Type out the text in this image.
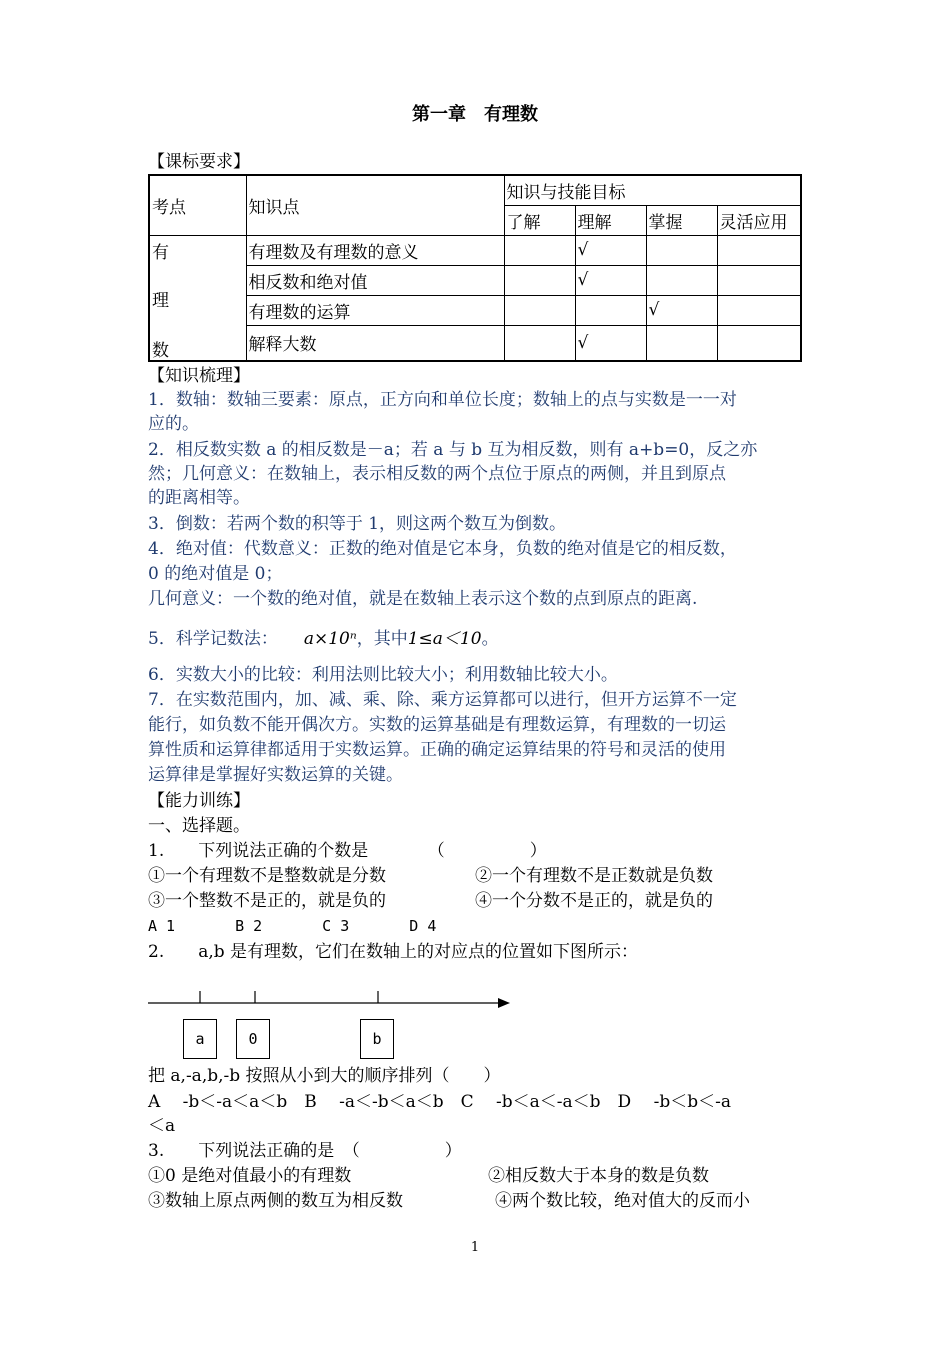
第一章　有理数
【课标要求】
考点	知识点	知识与技能目标			
		了解	理解	掌握	灵活应用

有
理
数	有理数及有理数的意义		√		
	相反数和绝对值		√		
	有理数的运算			√	
	解释大数		√		
【知识梳理】
1．数轴：数轴三要素：原点，正方向和单位长度；数轴上的点与实数是一一对
应的。
2．相反数实数 a 的相反数是－a；若 a 与 b 互为相反数，则有 a+b=0，反之亦
然；几何意义：在数轴上，表示相反数的两个点位于原点的两侧，并且到原点
的距离相等。
3．倒数：若两个数的积等于 1，则这两个数互为倒数。
4．绝对值：代数意义：正数的绝对值是它本身，负数的绝对值是它的相反数，
0 的绝对值是 0；
几何意义：一个数的绝对值，就是在数轴上表示这个数的点到原点的距离.
5．科学记数法： a×10ⁿ，其中1≤a＜10。
6．实数大小的比较：利用法则比较大小；利用数轴比较大小。
7．在实数范围内，加、减、乘、除、乘方运算都可以进行，但开方运算不一定
能行，如负数不能开偶次方。实数的运算基础是有理数运算，有理数的一切运
算性质和运算律都适用于实数运算。正确的确定运算结果的符号和灵活的使用
运算律是掌握好实数运算的关键。
【能力训练】
一、选择题。
1.　　下列说法正确的个数是　　　　（　　　　　）
①一个有理数不是整数就是分数	②一个有理数不是正数就是负数
③一个整数不是正的，就是负的	④一个分数不是正的，就是负的
A 1　　　　B 2　　　　C 3　　　　D 4
2.　　a,b 是有理数，它们在数轴上的对应点的位置如下图所示：
a	0	b
把 a,-a,b,-b 按照从小到大的顺序排列（　　）
A　 -b＜-a＜a＜b　B　 -a＜-b＜a＜b　C　 -b＜a＜-a＜b　D　 -b＜b＜-a
＜a
3.　　下列说法正确的是　（　　　　　）
①0 是绝对值最小的有理数	②相反数大于本身的数是负数
③数轴上原点两侧的数互为相反数	④两个数比较，绝对值大的反而小
1
